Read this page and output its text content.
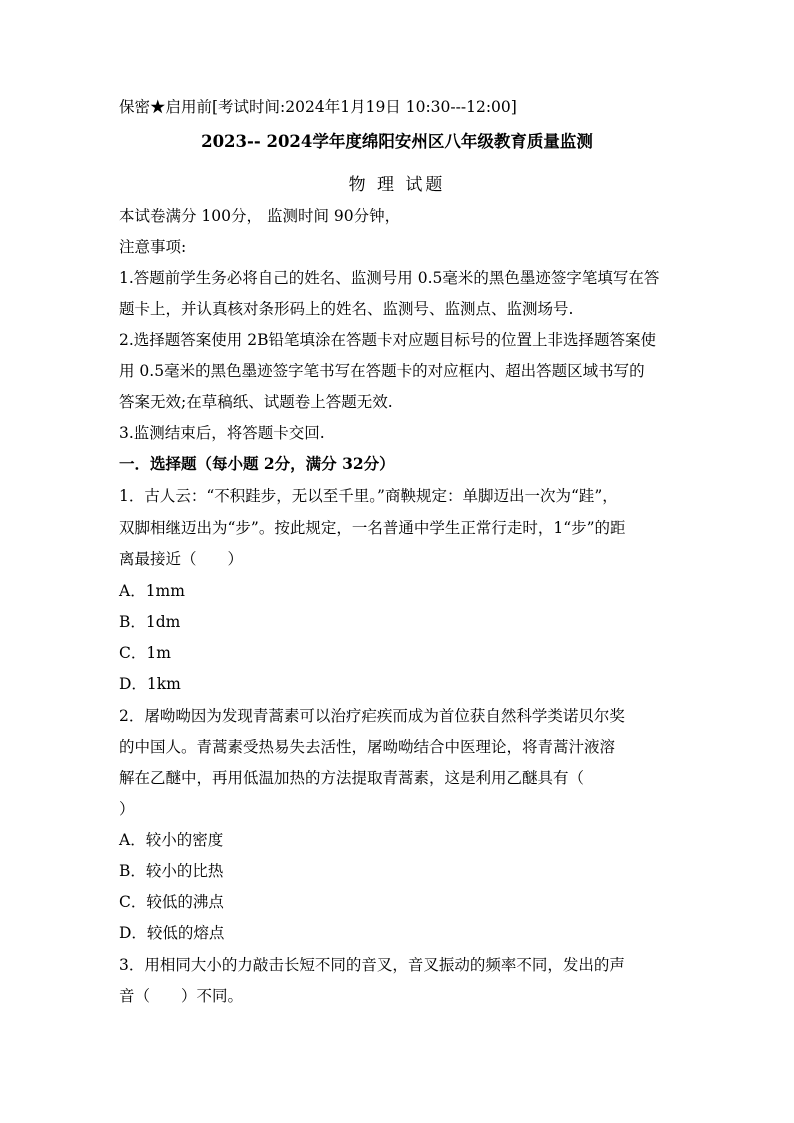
保密★启用前[考试时间:2024年1月19日 10:30---12:00]
2023-- 2024学年度绵阳安州区八年级教育质量监测
物 理 试题
本试卷满分 100分， 监测时间 90分钟，
注意事项:
1.答题前学生务必将自己的姓名、监测号用 0.5毫米的黑色墨迹签字笔填写在答
题卡上，并认真核对条形码上的姓名、监测号、监测点、监测场号.
2.选择题答案使用 2B铅笔填涂在答题卡对应题目标号的位置上非选择题答案使
用 0.5毫米的黑色墨迹签字笔书写在答题卡的对应框内、超出答题区域书写的
答案无效;在草稿纸、试题卷上答题无效.
3.监测结束后，将答题卡交回.
一．选择题（每小题 2分，满分 32分）
1．古人云：“不积跬步，无以至千里。”商鞅规定：单脚迈出一次为“跬”，
双脚相继迈出为“步”。按此规定，一名普通中学生正常行走时，1“步”的距
离最接近（　　）
A．1mm
B．1dm
C．1m
D．1km
2．屠呦呦因为发现青蒿素可以治疗疟疾而成为首位获自然科学类诺贝尔奖
的中国人。青蒿素受热易失去活性，屠呦呦结合中医理论，将青蒿汁液溶
解在乙醚中，再用低温加热的方法提取青蒿素，这是利用乙醚具有（
）
A．较小的密度
B．较小的比热
C．较低的沸点
D．较低的熔点
3．用相同大小的力敲击长短不同的音叉，音叉振动的频率不同，发出的声
音（　　）不同。
